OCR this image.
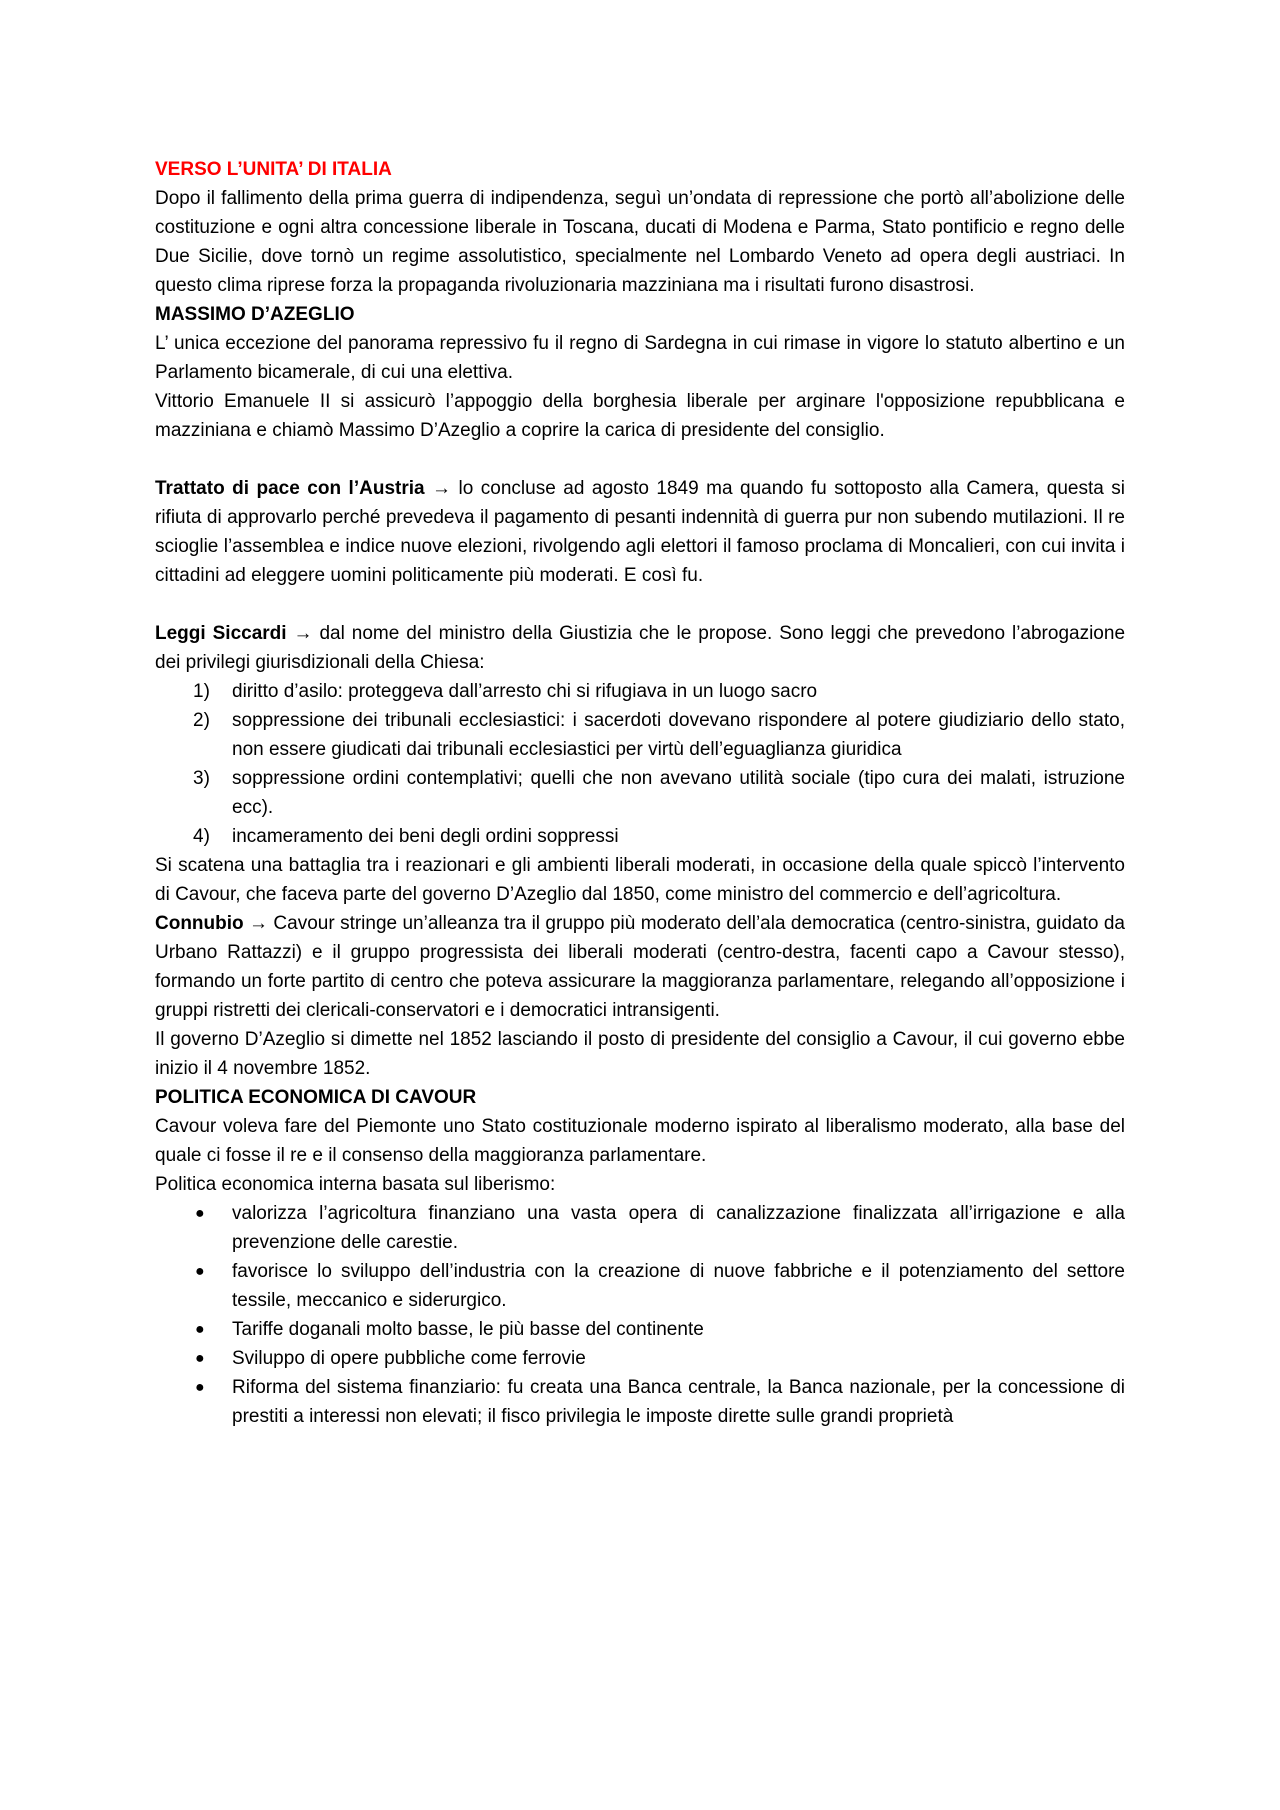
VERSO L’UNITA’ DI ITALIA

Dopo il fallimento della prima guerra di indipendenza, seguì un’ondata di repressione che portò all’abolizione delle costituzione e ogni altra concessione liberale in Toscana, ducati di Modena e Parma, Stato pontificio e regno delle Due Sicilie, dove tornò un regime assolutistico, specialmente nel Lombardo Veneto ad opera degli austriaci. In questo clima riprese forza la propaganda rivoluzionaria mazziniana ma i risultati furono disastrosi.

MASSIMO D’AZEGLIO

L’ unica eccezione del panorama repressivo fu il regno di Sardegna in cui rimase in vigore lo statuto albertino e un Parlamento bicamerale, di cui una elettiva.

Vittorio Emanuele II si assicurò l’appoggio della borghesia liberale per arginare l'opposizione repubblicana e mazziniana e chiamò Massimo D’Azeglio a coprire la carica di presidente del consiglio.

Trattato di pace con l’Austria → lo concluse ad agosto 1849 ma quando fu sottoposto alla Camera, questa si rifiuta di approvarlo perché prevedeva il pagamento di pesanti indennità di guerra pur non subendo mutilazioni. Il re scioglie l’assemblea e indice nuove elezioni, rivolgendo agli elettori il famoso proclama di Moncalieri, con cui invita i cittadini ad eleggere uomini politicamente più moderati. E così fu.

Leggi Siccardi → dal nome del ministro della Giustizia che le propose. Sono leggi che prevedono l’abrogazione dei privilegi giurisdizionali della Chiesa:

1) diritto d’asilo: proteggeva dall’arresto chi si rifugiava in un luogo sacro
2) soppressione dei tribunali ecclesiastici: i sacerdoti dovevano rispondere al potere giudiziario dello stato, non essere giudicati dai tribunali ecclesiastici per virtù dell’eguaglianza giuridica
3) soppressione ordini contemplativi; quelli che non avevano utilità sociale (tipo cura dei malati, istruzione ecc).
4) incameramento dei beni degli ordini soppressi

Si scatena una battaglia tra i reazionari e gli ambienti liberali moderati, in occasione della quale spiccò l’intervento di Cavour, che faceva parte del governo D’Azeglio dal 1850, come ministro del commercio e dell’agricoltura.

Connubio → Cavour stringe un’alleanza tra il gruppo più moderato dell’ala democratica (centro-sinistra, guidato da Urbano Rattazzi) e il gruppo progressista dei liberali moderati (centro-destra, facenti capo a Cavour stesso), formando un forte partito di centro che poteva assicurare la maggioranza parlamentare, relegando all’opposizione i gruppi ristretti dei clericali-conservatori e i democratici intransigenti.

Il governo D’Azeglio si dimette nel 1852 lasciando il posto di presidente del consiglio a Cavour, il cui governo ebbe inizio il 4 novembre 1852.

POLITICA ECONOMICA DI CAVOUR

Cavour voleva fare del Piemonte uno Stato costituzionale moderno ispirato al liberalismo moderato, alla base del quale ci fosse il re e il consenso della maggioranza parlamentare.

Politica economica interna basata sul liberismo:

● valorizza l’agricoltura finanziano una vasta opera di canalizzazione finalizzata all’irrigazione e alla prevenzione delle carestie.
● favorisce lo sviluppo dell’industria con la creazione di nuove fabbriche e il potenziamento del settore tessile, meccanico e siderurgico.
● Tariffe doganali molto basse, le più basse del continente
● Sviluppo di opere pubbliche come ferrovie
● Riforma del sistema finanziario: fu creata una Banca centrale, la Banca nazionale, per la concessione di prestiti a interessi non elevati; il fisco privilegia le imposte dirette sulle grandi proprietà
